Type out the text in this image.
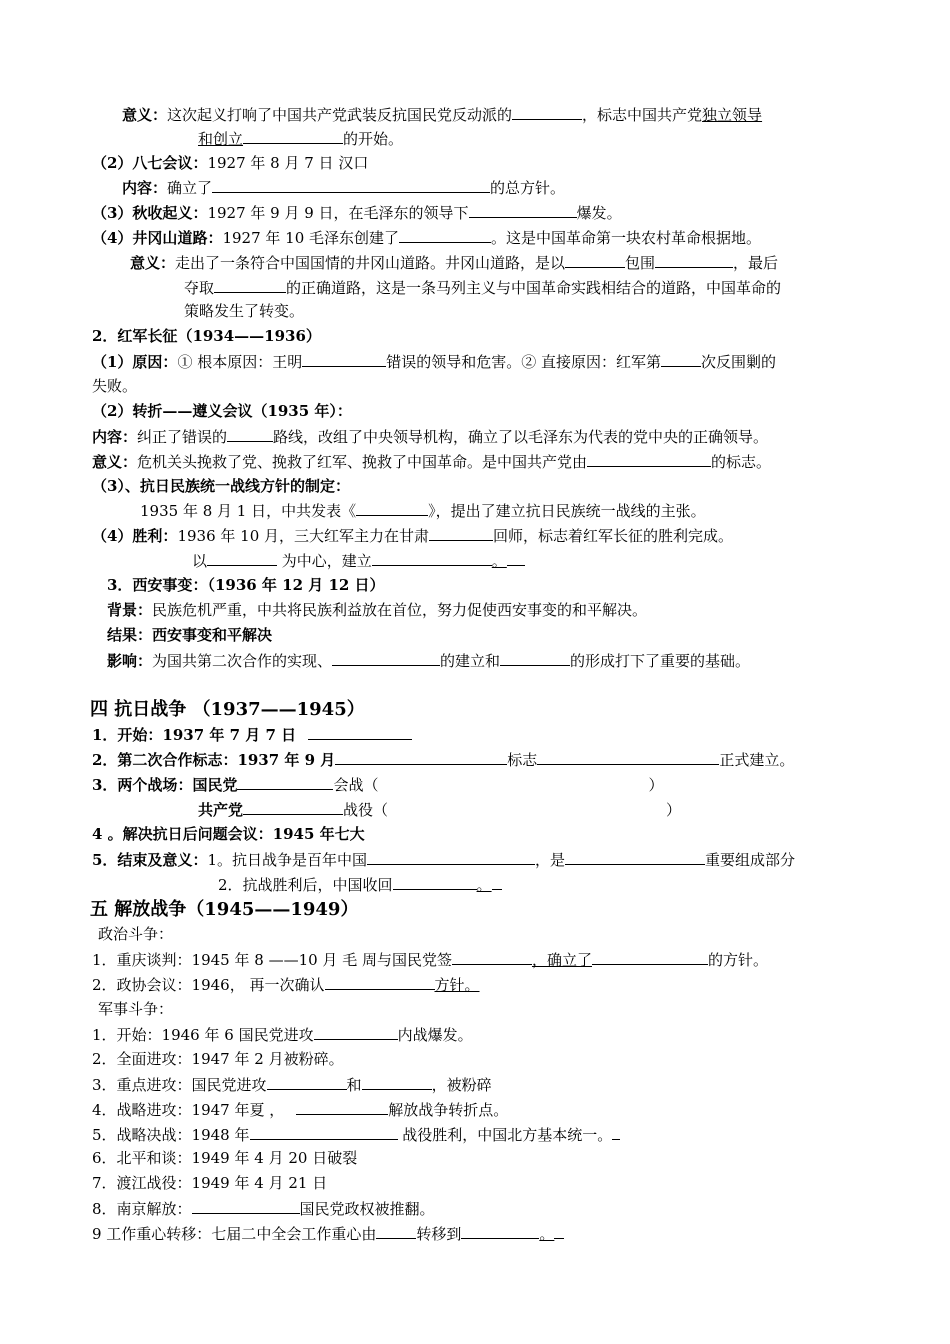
意义：这次起义打响了中国共产党武装反抗国民党反动派的	，标志中国共产党独立领导
和创立	的开始。
（2）八七会议：1927 年 8 月 7 日 汉口
内容：确立了	的总方针。
（3）秋收起义：1927 年 9 月 9 日，在毛泽东的领导下	爆发。
（4）井冈山道路：1927 年 10 毛泽东创建了	。这是中国革命第一块农村革命根据地。
意义：走出了一条符合中国国情的井冈山道路。井冈山道路，是以	包围	，最后
夺取	的正确道路，这是一条马列主义与中国革命实践相结合的道路，中国革命的
策略发生了转变。
2．红军长征（1934——1936）
（1）原因：① 根本原因：王明	错误的领导和危害。② 直接原因：红军第	次反围剿的
失败。
（2）转折——遵义会议（1935 年）：
内容：纠正了错误的	路线，改组了中央领导机构，确立了以毛泽东为代表的党中央的正确领导。
意义：危机关头挽救了党、挽救了红军、挽救了中国革命。是中国共产党由	的标志。
（3）、抗日民族统一战线方针的制定：
1935 年 8 月 1 日，中共发表《	》，提出了建立抗日民族统一战线的主张。
（4）胜利：1936 年 10 月，三大红军主力在甘肃	回师，标志着红军长征的胜利完成。
以	为中心，建立	。
3．西安事变：（1936 年 12 月 12 日）
背景：民族危机严重，中共将民族利益放在首位，努力促使西安事变的和平解决。
结果：西安事变和平解决
影响：为国共第二次合作的实现、	的建立和	的形成打下了重要的基础。
四 抗日战争 （1937——1945）
1．开始：1937 年 7 月 7 日
2．第二次合作标志：1937 年 9 月	标志	正式建立。
3．两个战场：国民党	会战（	）
共产党	战役（	）
4 。解决抗日后问题会议：1945 年七大
5．结束及意义：1。抗日战争是百年中国	，是	重要组成部分
2．抗战胜利后，中国收回	。
五 解放战争（1945——1949）
政治斗争：
1．重庆谈判：1945 年 8 ——10 月 毛 周与国民党签	，确立了	的方针。
2．政协会议：1946， 再一次确认	方针。
军事斗争：
1．开始：1946 年 6 国民党进攻	内战爆发。
2．全面进攻：1947 年 2 月被粉碎。
3．重点进攻：国民党进攻	和	，被粉碎
4．战略进攻：1947 年夏 ，	解放战争转折点。
5．战略决战：1948 年	战役胜利，中国北方基本统一。
6．北平和谈：1949 年 4 月 20 日破裂
7．渡江战役：1949 年 4 月 21 日
8．南京解放：	国民党政权被推翻。
9 工作重心转移：七届二中全会工作重心由	转移到	。
